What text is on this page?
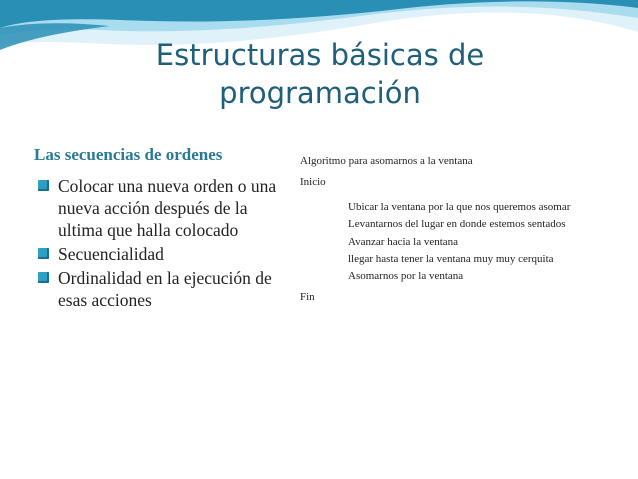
Estructuras básicas de programación
Las secuencias de ordenes
Colocar una nueva orden o una nueva acción después de la ultima que halla colocado
Secuencialidad
Ordinalidad en la ejecución de esas acciones

Algoritmo para asomarnos a la ventana

Inicio

Ubicar la ventana por la que nos queremos asomar

Levantarnos del lugar en donde estemos sentados

Avanzar hacia la ventana

llegar hasta tener la ventana muy muy cerquita

Asomarnos por la ventana

Fin
